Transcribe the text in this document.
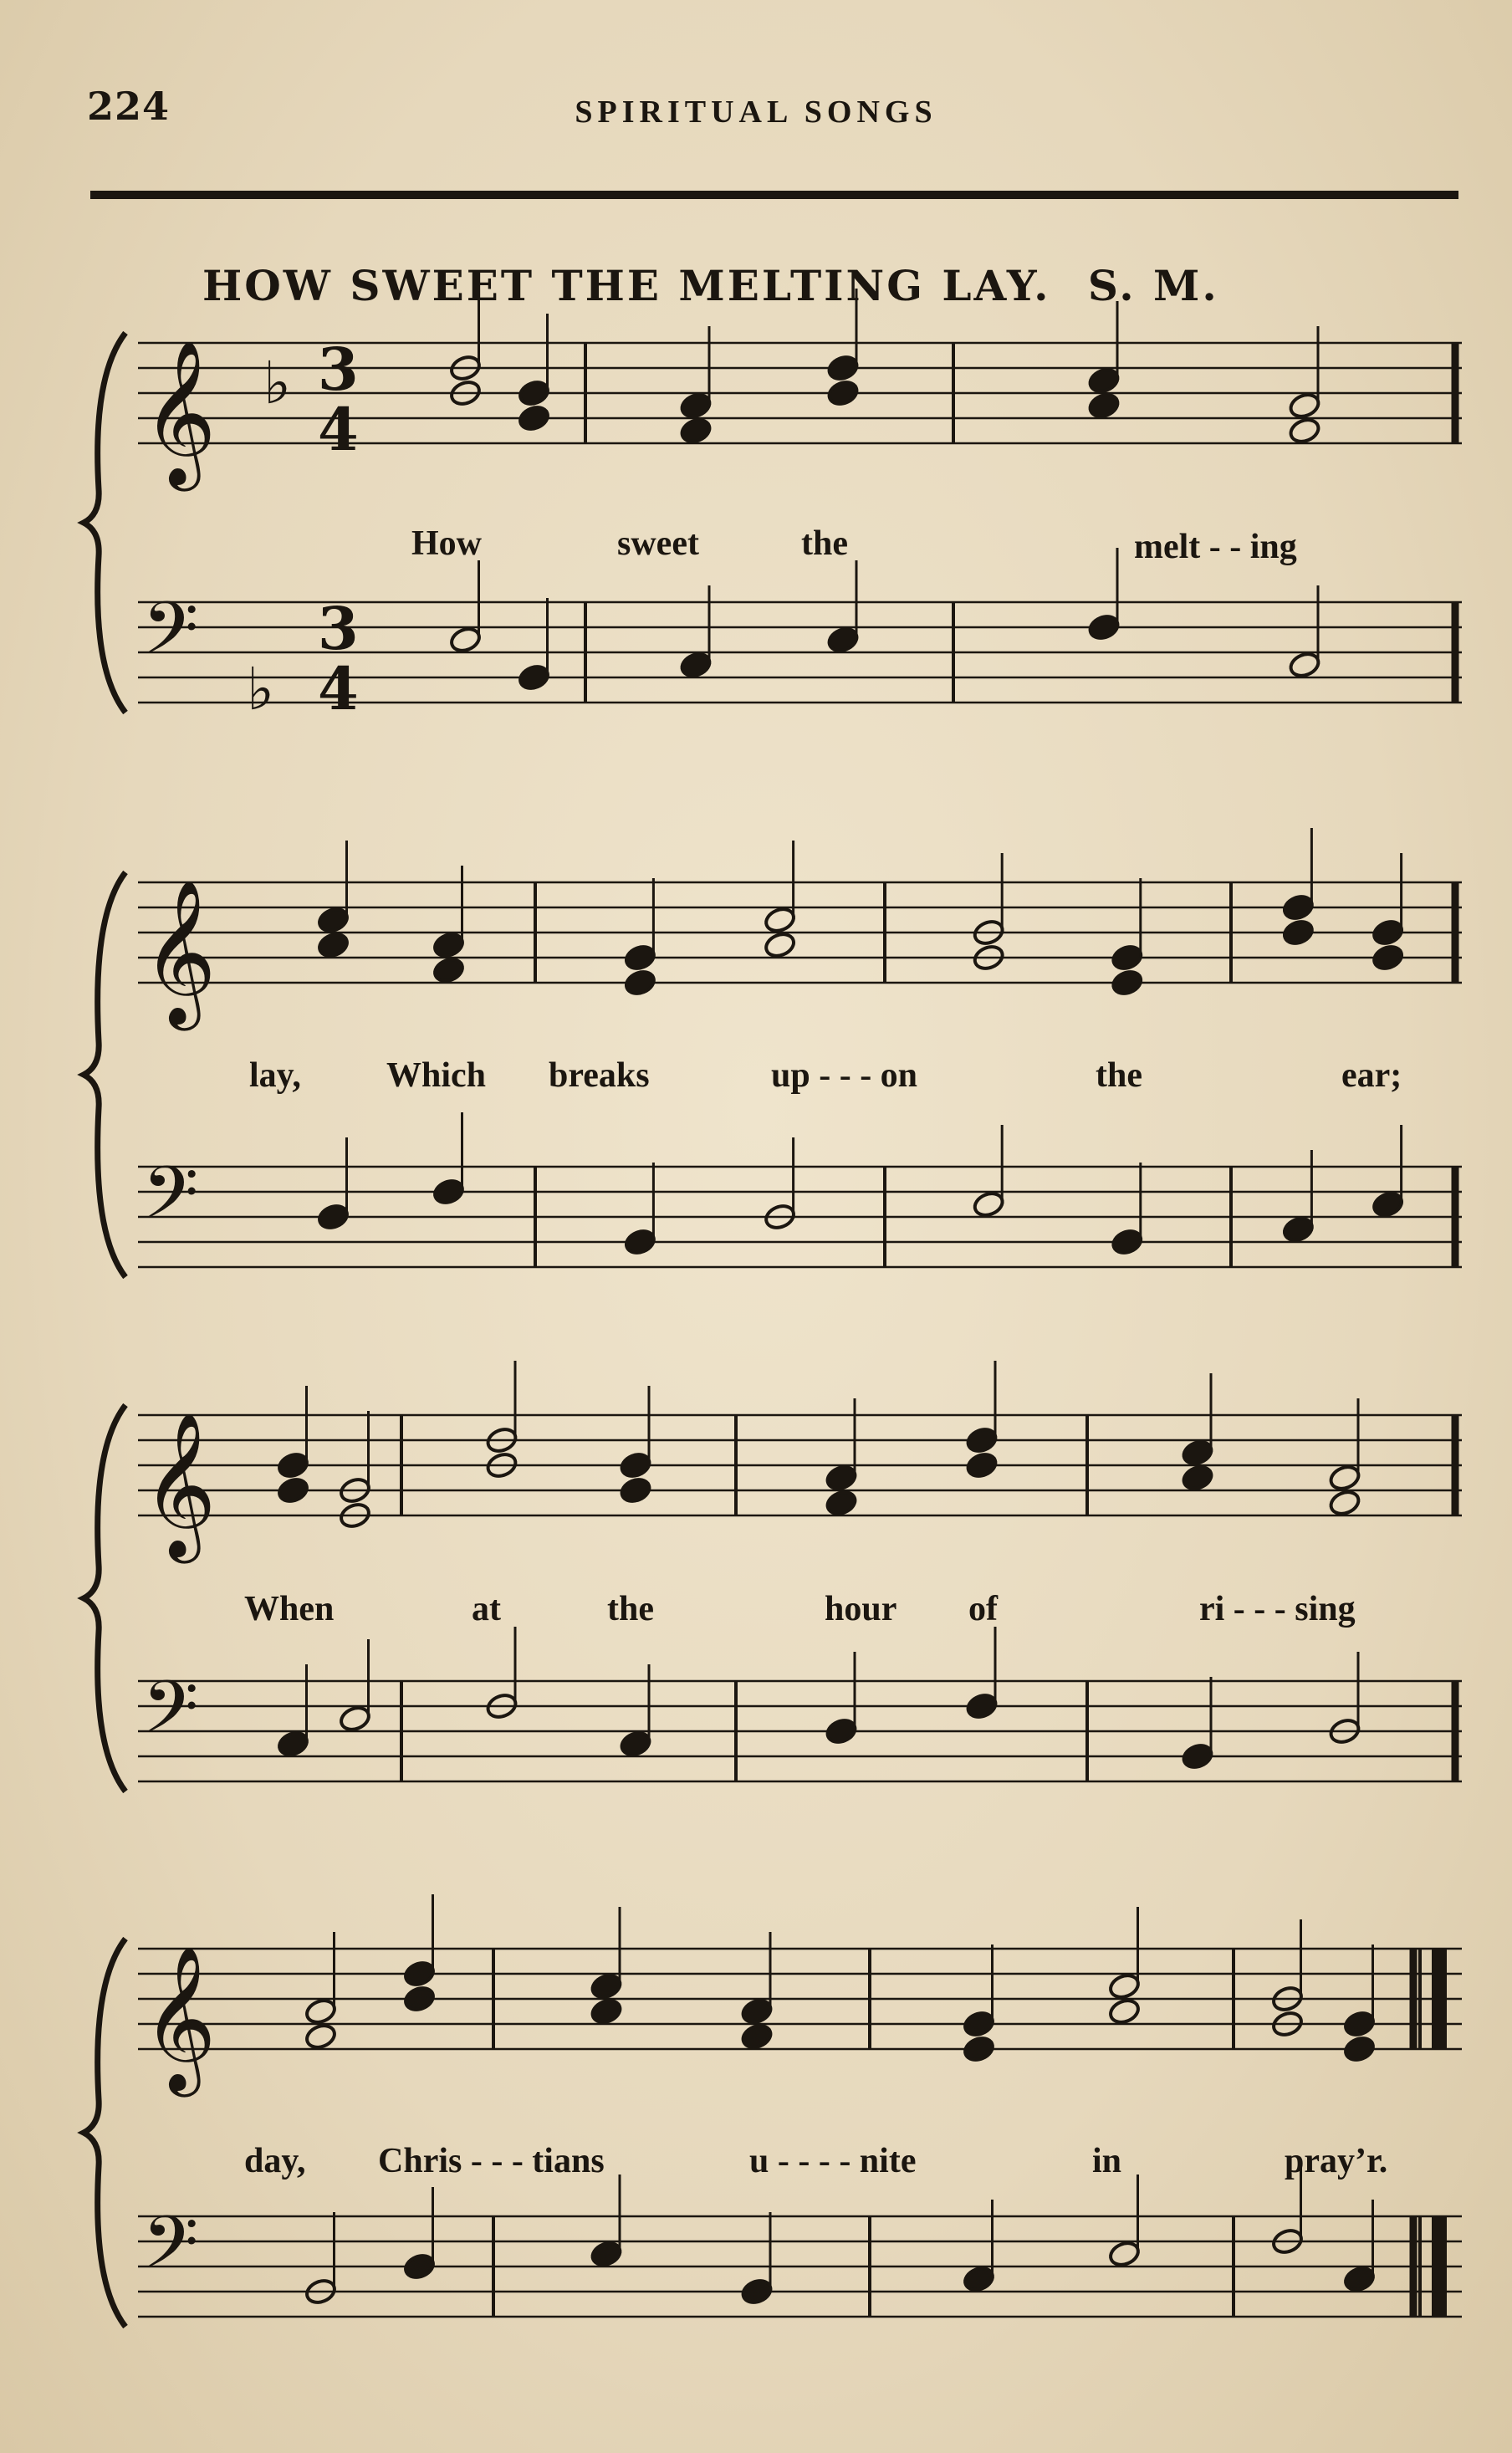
224	SPIRITUAL SONGS
HOW SWEET THE MELTING LAY. S. M.
𝄞 ♭ 3
4
𝄢
♭
3
4
𝄞
𝄢
𝄞
𝄢
𝄞
𝄢
How	sweet	the	melt - - ing
lay, Which breaks	up - - - on	the	ear;
When	at	the	hour of	ri - - - sing
day, Chris - - - tians	u - - - - nite	in	pray’r.
